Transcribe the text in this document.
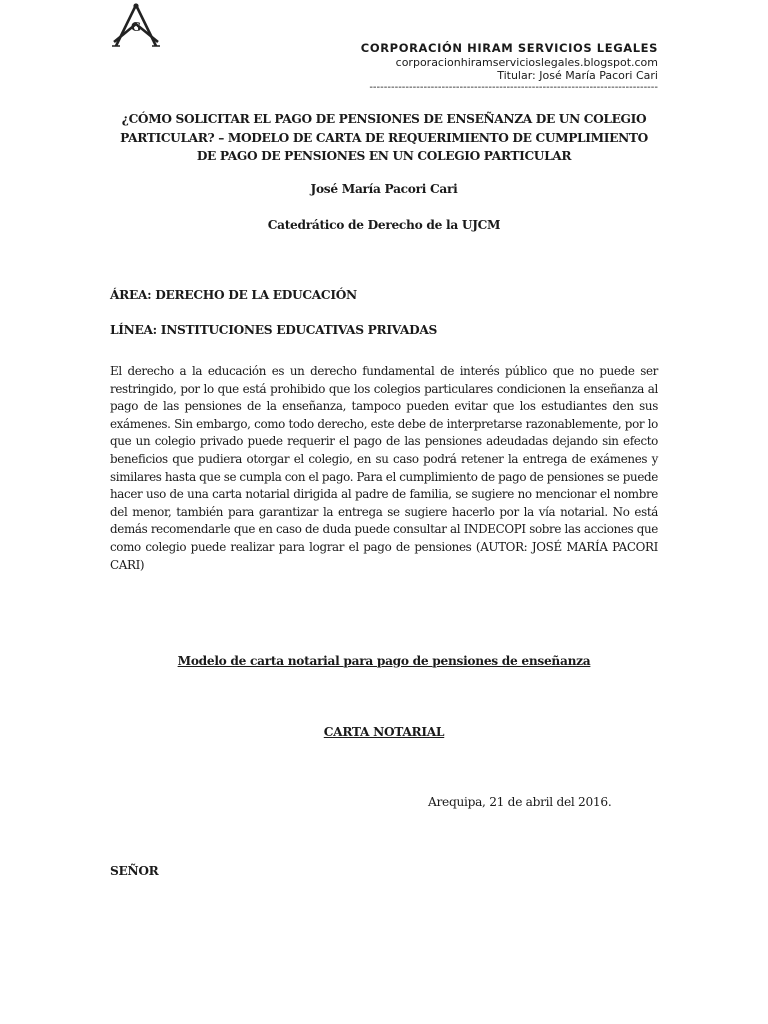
G
CORPORACIÓN HIRAM SERVICIOS LEGALES
corporacionhiramservicioslegales.blogspot.com
Titular: José María Pacori Cari
--------------------------------------------------------------------------------
¿CÓMO SOLICITAR EL PAGO DE PENSIONES DE ENSEÑANZA DE UN COLEGIO PARTICULAR? – MODELO DE CARTA DE REQUERIMIENTO DE CUMPLIMIENTO DE PAGO DE PENSIONES EN UN COLEGIO PARTICULAR
José María Pacori Cari
Catedrático de Derecho de la UJCM
ÁREA: DERECHO DE LA EDUCACIÓN
LÍNEA: INSTITUCIONES EDUCATIVAS PRIVADAS
El derecho a la educación es un derecho fundamental de interés público que no puede ser restringido, por lo que está prohibido que los colegios particulares condicionen la enseñanza al pago de las pensiones de la enseñanza, tampoco pueden evitar que los estudiantes den sus exámenes. Sin embargo, como todo derecho, este debe de interpretarse razonablemente, por lo que un colegio privado puede requerir el pago de las pensiones adeudadas dejando sin efecto beneficios que pudiera otorgar el colegio, en su caso podrá retener la entrega de exámenes y similares hasta que se cumpla con el pago. Para el cumplimiento de pago de pensiones se puede hacer uso de una carta notarial dirigida al padre de familia, se sugiere no mencionar el nombre del menor, también para garantizar la entrega se sugiere hacerlo por la vía notarial. No está demás recomendarle que en caso de duda puede consultar al INDECOPI sobre las acciones que como colegio puede realizar para lograr el pago de pensiones (AUTOR: JOSÉ MARÍA PACORI CARI)
Modelo de carta notarial para pago de pensiones de enseñanza
CARTA NOTARIAL
Arequipa, 21 de abril del 2016.
SEÑOR
